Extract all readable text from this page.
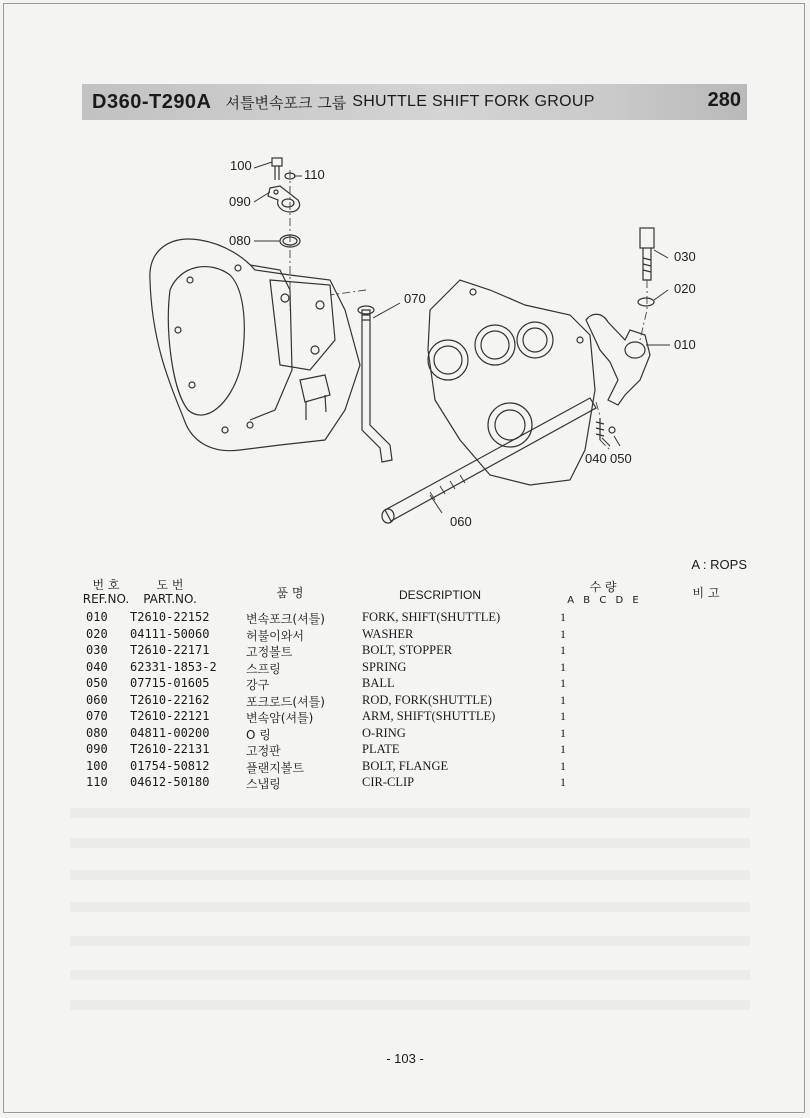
D360-T290A 셔틀변속포크 그룹 SHUTTLE SHIFT FORK GROUP	280
100
110
090
080
070
030
020
010
040 050
060
A : ROPS
번 호
REF.NO.
도 번
PART.NO.	품 명	DESCRIPTION
수 량
A B C D E
비 고
010 T2610-22152	변속포크(셔틀)	FORK, SHIFT(SHUTTLE)	1
020 04111-50060	허불이와서	WASHER	1
030 T2610-22171	고정볼트	BOLT, STOPPER	1
040 62331-1853-2 스프링	SPRING	1
050 07715-01605	강구	BALL	1
060 T2610-22162	포크로드(셔틀)	ROD, FORK(SHUTTLE)	1
070 T2610-22121	변속암(셔틀)	ARM, SHIFT(SHUTTLE)	1
080 04811-00200	O 링	O-RING	1
090 T2610-22131	고정판	PLATE	1
100 01754-50812	플랜지볼트	BOLT, FLANGE	1
110 04612-50180	스냅링	CIR-CLIP	1
- 103 -
